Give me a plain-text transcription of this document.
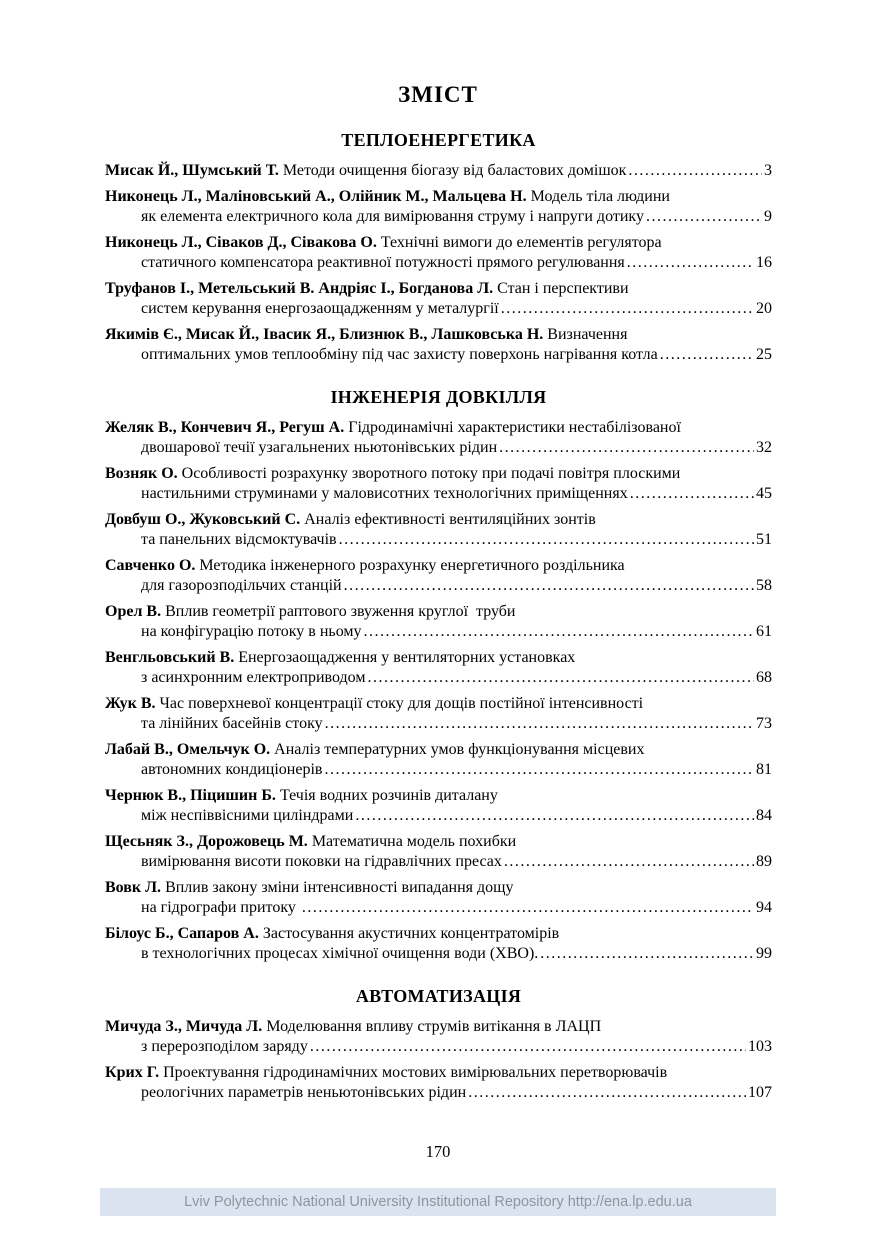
ЗМІСТ
ТЕПЛОЕНЕРГЕТИКА
Мисак Й., Шумський Т. Методи очищення біогазу від баластових домішок .....	3
Никонець Л., Маліновський А., Олійник М., Мальцева Н. Модель тіла людини
як елемента електричного кола для вимірювання струму і напруги дотику .....	9
Никонець Л., Сіваков Д., Сівакова О. Технічні вимоги до елементів регулятора
статичного компенсатора реактивної потужності прямого регулювання .....	16
Труфанов І., Метельський В. Андріяс І., Богданова Л. Стан і перспективи
систем керування енергозаощадженням у металургії .....	20
Якимів Є., Мисак Й., Івасик Я., Близнюк В., Лашковська Н. Визначення
оптимальних умов теплообміну під час захисту поверхонь нагрівання котла .....	25
ІНЖЕНЕРІЯ ДОВКІЛЛЯ
Желяк В., Кончевич Я., Регуш А. Гідродинамічні характеристики нестабілізованої
двошарової течії узагальнених ньютонівських рідин .....	32
Возняк О. Особливості розрахунку зворотного потоку при подачі повітря плоскими
настильними струминами у маловисотних технологічних приміщеннях .....	45
Довбуш О., Жуковський С. Аналіз ефективності вентиляційних зонтів
та панельних відсмоктувачів .....	51
Савченко О. Методика інженерного розрахунку енергетичного роздільника
для газорозподільчих станцій .....	58
Орел В. Вплив геометрії раптового звуження круглої  труби
на конфігурацію потоку в ньому .....	61
Венгльовський В. Енергозаощадження у вентиляторних установках
з асинхронним електроприводом .....	68
Жук В. Час поверхневої концентрації стоку для дощів постійної інтенсивності
та лінійних басейнів стоку .....	73
Лабай В., Омельчук О. Аналіз температурних умов функціонування місцевих
автономних кондиціонерів .....	81
Чернюк В., Піцишин Б. Течія водних розчинів диталану
між неспіввісними циліндрами .....	84
Щесьняк З., Дорожовець М. Математична модель похибки
вимірювання висоти поковки на гідравлічних пресах .....	89
Вовк Л. Вплив закону зміни інтенсивності випадання дощу
на гідрографи притоку .....	94
Білоус Б., Сапаров А. Застосування акустичних концентратомірів
в технологічних процесах хімічної очищення води (ХВО). .....	99
АВТОМАТИЗАЦІЯ
Мичуда З., Мичуда Л. Моделювання впливу струмів витікання в ЛАЦП
з перерозподілом заряду .....	103
Крих Г. Проектування гідродинамічних мостових вимірювальних перетворювачів
реологічних параметрів неньютонівських рідин .....	107
170
Lviv Polytechnic National University Institutional Repository http://ena.lp.edu.ua
